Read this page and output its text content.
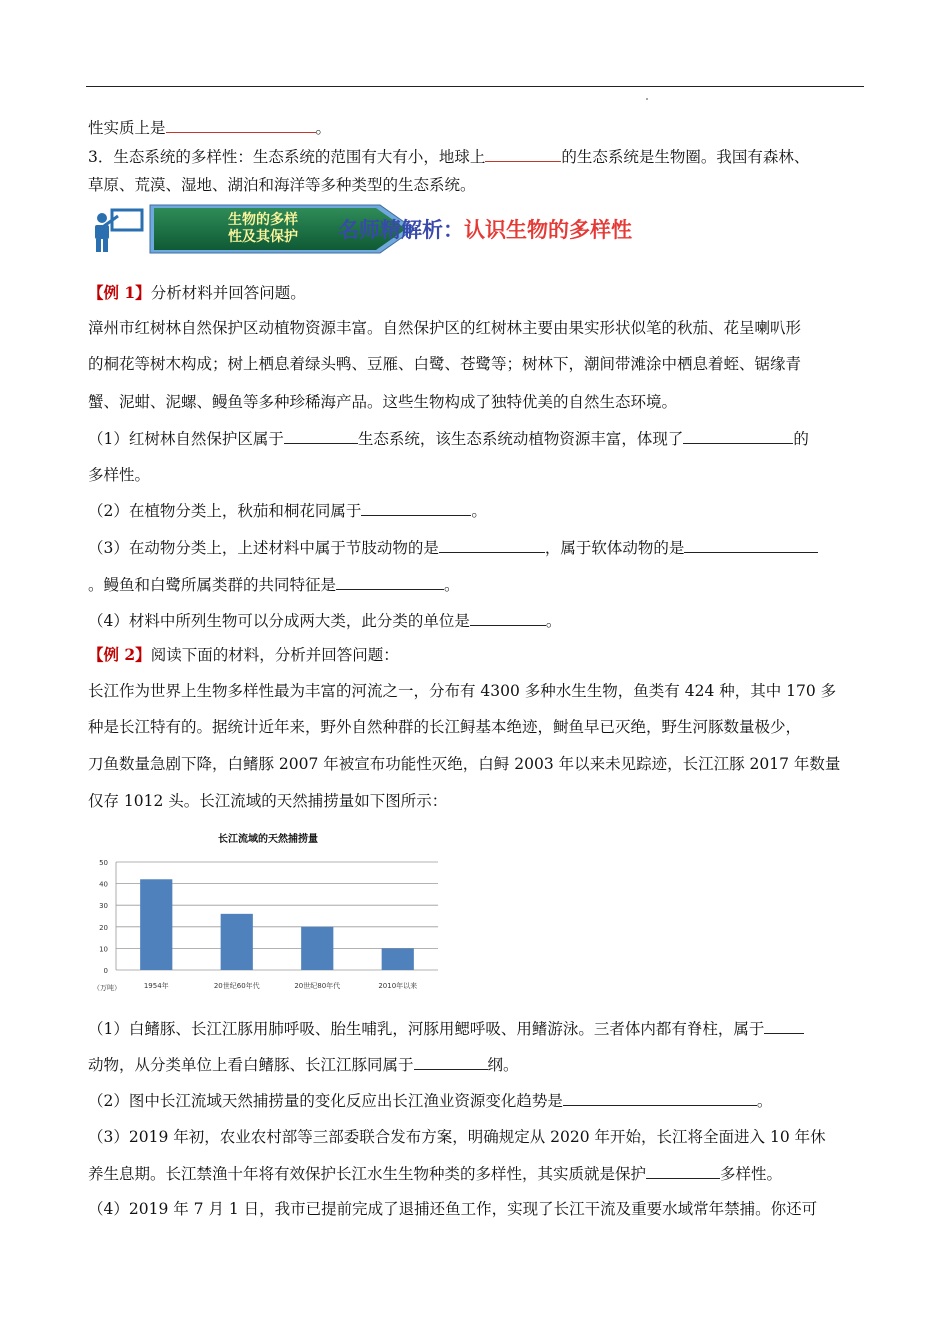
性实质上是	。
3．生态系统的多样性：生态系统的范围有大有小，地球上	的生态系统是生物圈。我国有森林、
草原、荒漠、湿地、湖泊和海洋等多种类型的生态系统。
生物的多样
性及其保护 名师精解析：认识生物的多样性
【例 1】分析材料并回答问题。
漳州市红树林自然保护区动植物资源丰富。自然保护区的红树林主要由果实形状似笔的秋茄、花呈喇叭形
的桐花等树木构成；树上栖息着绿头鸭、豆雁、白鹭、苍鹭等；树林下，潮间带滩涂中栖息着蛭、锯缘青
蟹、泥蚶、泥螺、鳗鱼等多种珍稀海产品。这些生物构成了独特优美的自然生态环境。
（1）红树林自然保护区属于	生态系统，该生态系统动植物资源丰富，体现了	的
多样性。
（2）在植物分类上，秋茄和桐花同属于	。
（3）在动物分类上，上述材料中属于节肢动物的是	，属于软体动物的是
。鳗鱼和白鹭所属类群的共同特征是	。
（4）材料中所列生物可以分成两大类，此分类的单位是	。
【例 2】阅读下面的材料，分析并回答问题：
长江作为世界上生物多样性最为丰富的河流之一，分布有 4300 多种水生生物，鱼类有 424 种，其中 170 多
种是长江特有的。据统计近年来，野外自然种群的长江鲟基本绝迹，鲥鱼早已灭绝，野生河豚数量极少，
刀鱼数量急剧下降，白鳍豚 2007 年被宣布功能性灭绝，白鲟 2003 年以来未见踪迹，长江江豚 2017 年数量
仅存 1012 头。长江流域的天然捕捞量如下图所示：
长江流域的天然捕捞量
50
40
30
20
10
0
1954年	20世纪60年代	20世纪80年代	2010年以来
（万吨）
（1）白鳍豚、长江江豚用肺呼吸、胎生哺乳，河豚用鳃呼吸、用鳍游泳。三者体内都有脊柱，属于
动物，从分类单位上看白鳍豚、长江江豚同属于	纲。
（2）图中长江流域天然捕捞量的变化反应出长江渔业资源变化趋势是	。
（3）2019 年初，农业农村部等三部委联合发布方案，明确规定从 2020 年开始，长江将全面进入 10 年休
养生息期。长江禁渔十年将有效保护长江水生生物种类的多样性，其实质就是保护	多样性。
（4）2019 年 7 月 1 日，我市已提前完成了退捕还鱼工作，实现了长江干流及重要水域常年禁捕。你还可
